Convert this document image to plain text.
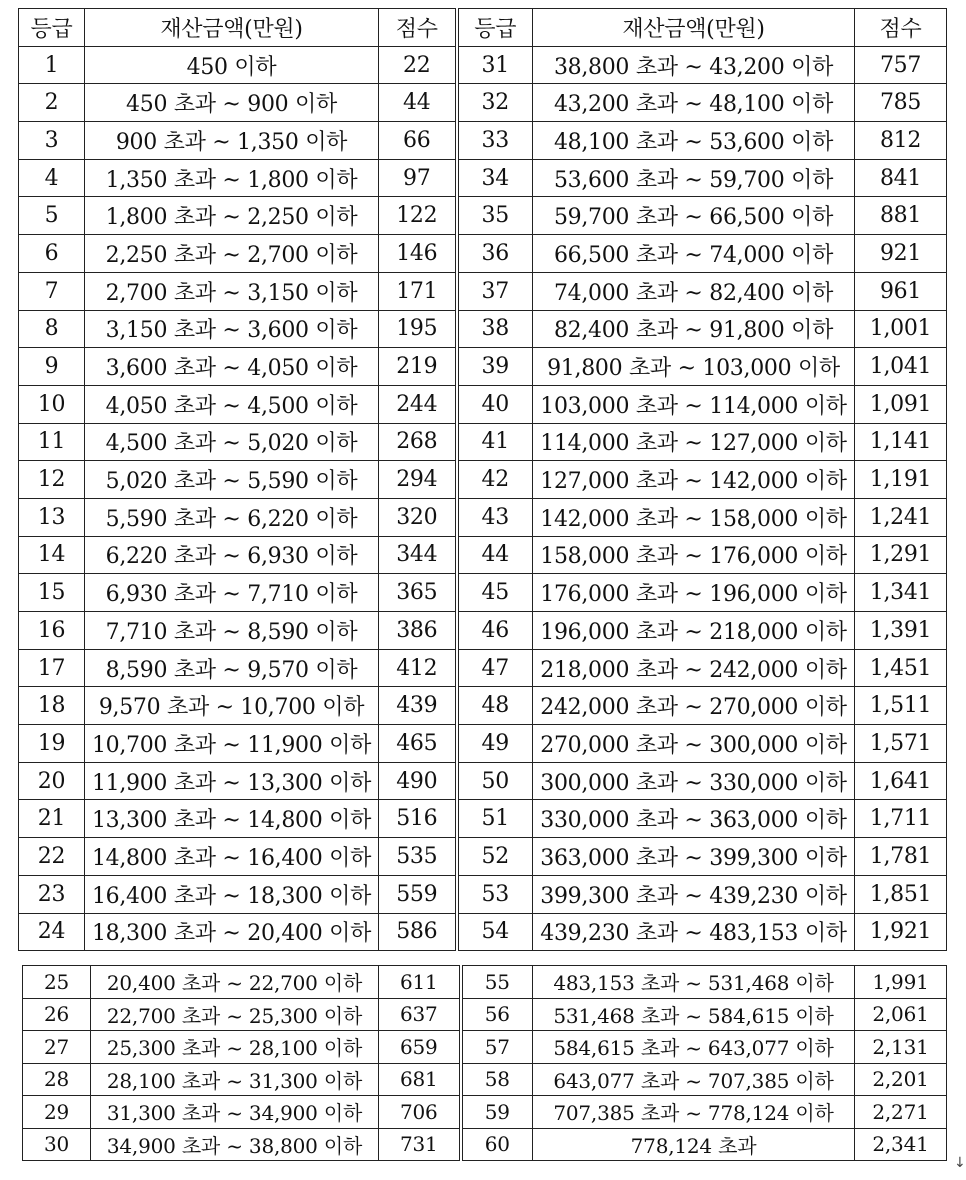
등급	재산금액(만원)	점수	등급	재산금액(만원)	점수
1	450 이하	22	31	38,800 초과 ~ 43,200 이하	757
2	450 초과 ~ 900 이하	44	32	43,200 초과 ~ 48,100 이하	785
3	900 초과 ~ 1,350 이하	66	33	48,100 초과 ~ 53,600 이하	812
4	1,350 초과 ~ 1,800 이하	97	34	53,600 초과 ~ 59,700 이하	841
5	1,800 초과 ~ 2,250 이하	122	35	59,700 초과 ~ 66,500 이하	881
6	2,250 초과 ~ 2,700 이하	146	36	66,500 초과 ~ 74,000 이하	921
7	2,700 초과 ~ 3,150 이하	171	37	74,000 초과 ~ 82,400 이하	961
8	3,150 초과 ~ 3,600 이하	195	38	82,400 초과 ~ 91,800 이하	1,001
9	3,600 초과 ~ 4,050 이하	219	39	91,800 초과 ~ 103,000 이하	1,041
10	4,050 초과 ~ 4,500 이하	244	40	103,000 초과 ~ 114,000 이하	1,091
11	4,500 초과 ~ 5,020 이하	268	41	114,000 초과 ~ 127,000 이하	1,141
12	5,020 초과 ~ 5,590 이하	294	42	127,000 초과 ~ 142,000 이하	1,191
13	5,590 초과 ~ 6,220 이하	320	43	142,000 초과 ~ 158,000 이하	1,241
14	6,220 초과 ~ 6,930 이하	344	44	158,000 초과 ~ 176,000 이하	1,291
15	6,930 초과 ~ 7,710 이하	365	45	176,000 초과 ~ 196,000 이하	1,341
16	7,710 초과 ~ 8,590 이하	386	46	196,000 초과 ~ 218,000 이하	1,391
17	8,590 초과 ~ 9,570 이하	412	47	218,000 초과 ~ 242,000 이하	1,451
18	9,570 초과 ~ 10,700 이하	439	48	242,000 초과 ~ 270,000 이하	1,511
19	10,700 초과 ~ 11,900 이하	465	49	270,000 초과 ~ 300,000 이하	1,571
20	11,900 초과 ~ 13,300 이하	490	50	300,000 초과 ~ 330,000 이하	1,641
21	13,300 초과 ~ 14,800 이하	516	51	330,000 초과 ~ 363,000 이하	1,711
22	14,800 초과 ~ 16,400 이하	535	52	363,000 초과 ~ 399,300 이하	1,781
23	16,400 초과 ~ 18,300 이하	559	53	399,300 초과 ~ 439,230 이하	1,851
24	18,300 초과 ~ 20,400 이하	586	54	439,230 초과 ~ 483,153 이하	1,921
25	20,400 초과 ~ 22,700 이하	611	55	483,153 초과 ~ 531,468 이하	1,991
26	22,700 초과 ~ 25,300 이하	637	56	531,468 초과 ~ 584,615 이하	2,061
27	25,300 초과 ~ 28,100 이하	659	57	584,615 초과 ~ 643,077 이하	2,131
28	28,100 초과 ~ 31,300 이하	681	58	643,077 초과 ~ 707,385 이하	2,201
29	31,300 초과 ~ 34,900 이하	706	59	707,385 초과 ~ 778,124 이하	2,271
30	34,900 초과 ~ 38,800 이하	731	60	778,124 초과	2,341
↓
